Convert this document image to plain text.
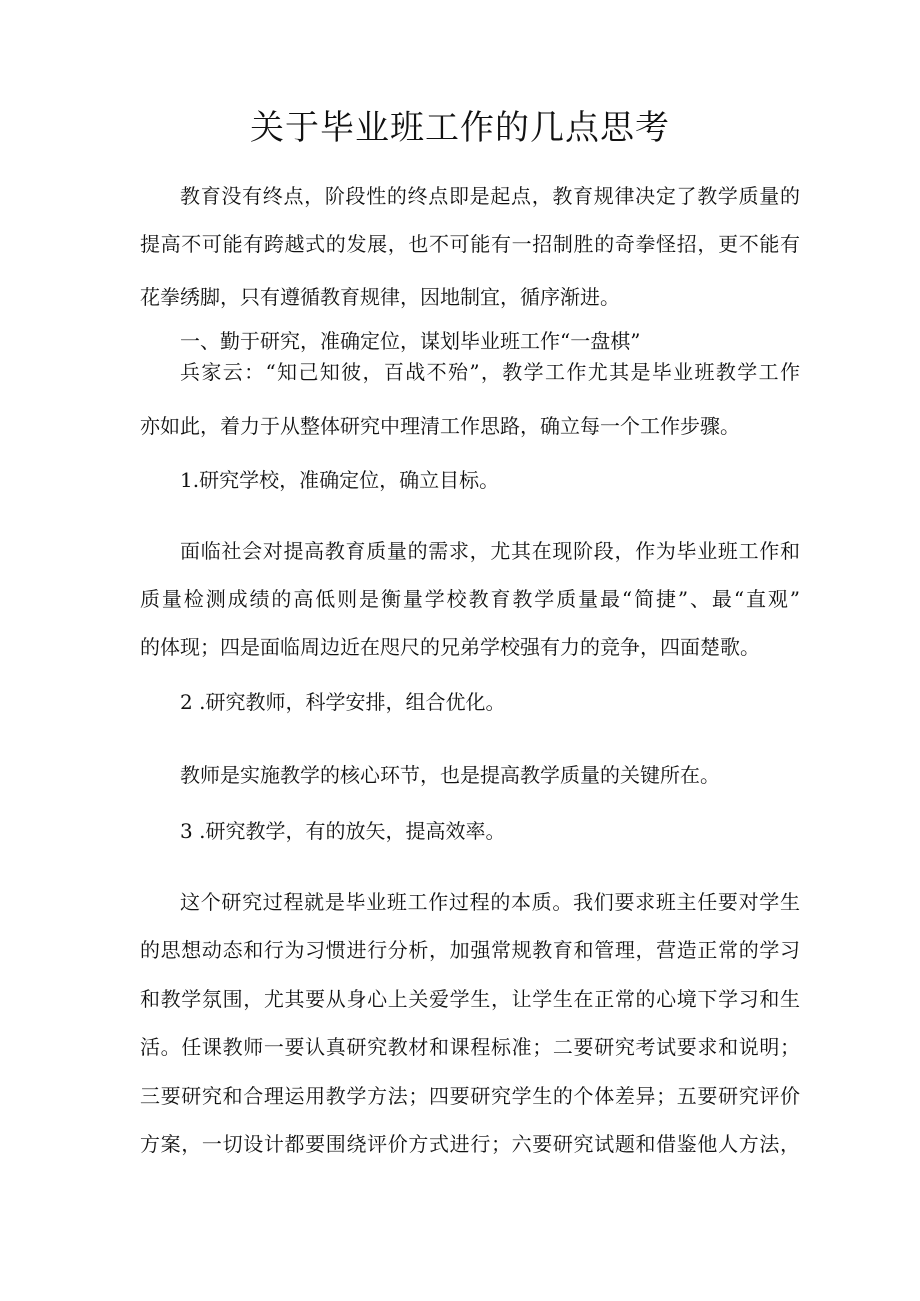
关于毕业班工作的几点思考
教育没有终点，阶段性的终点即是起点，教育规律决定了教学质量的
提高不可能有跨越式的发展，也不可能有一招制胜的奇拳怪招，更不能有
花拳绣脚，只有遵循教育规律，因地制宜，循序渐进。
一、勤于研究，准确定位，谋划毕业班工作“一盘棋”
兵家云：“知己知彼，百战不殆”，教学工作尤其是毕业班教学工作
亦如此，着力于从整体研究中理清工作思路，确立每一个工作步骤。
1.研究学校，准确定位，确立目标。
面临社会对提高教育质量的需求，尤其在现阶段，作为毕业班工作和
质量检测成绩的高低则是衡量学校教育教学质量最“简捷”、最“直观”
的体现；四是面临周边近在咫尺的兄弟学校强有力的竞争，四面楚歌。
2 .研究教师，科学安排，组合优化。
教师是实施教学的核心环节，也是提高教学质量的关键所在。
3 .研究教学，有的放矢，提高效率。
这个研究过程就是毕业班工作过程的本质。我们要求班主任要对学生
的思想动态和行为习惯进行分析，加强常规教育和管理，营造正常的学习
和教学氛围，尤其要从身心上关爱学生，让学生在正常的心境下学习和生
活。任课教师一要认真研究教材和课程标准；二要研究考试要求和说明；
三要研究和合理运用教学方法；四要研究学生的个体差异；五要研究评价
方案，一切设计都要围绕评价方式进行；六要研究试题和借鉴他人方法，
